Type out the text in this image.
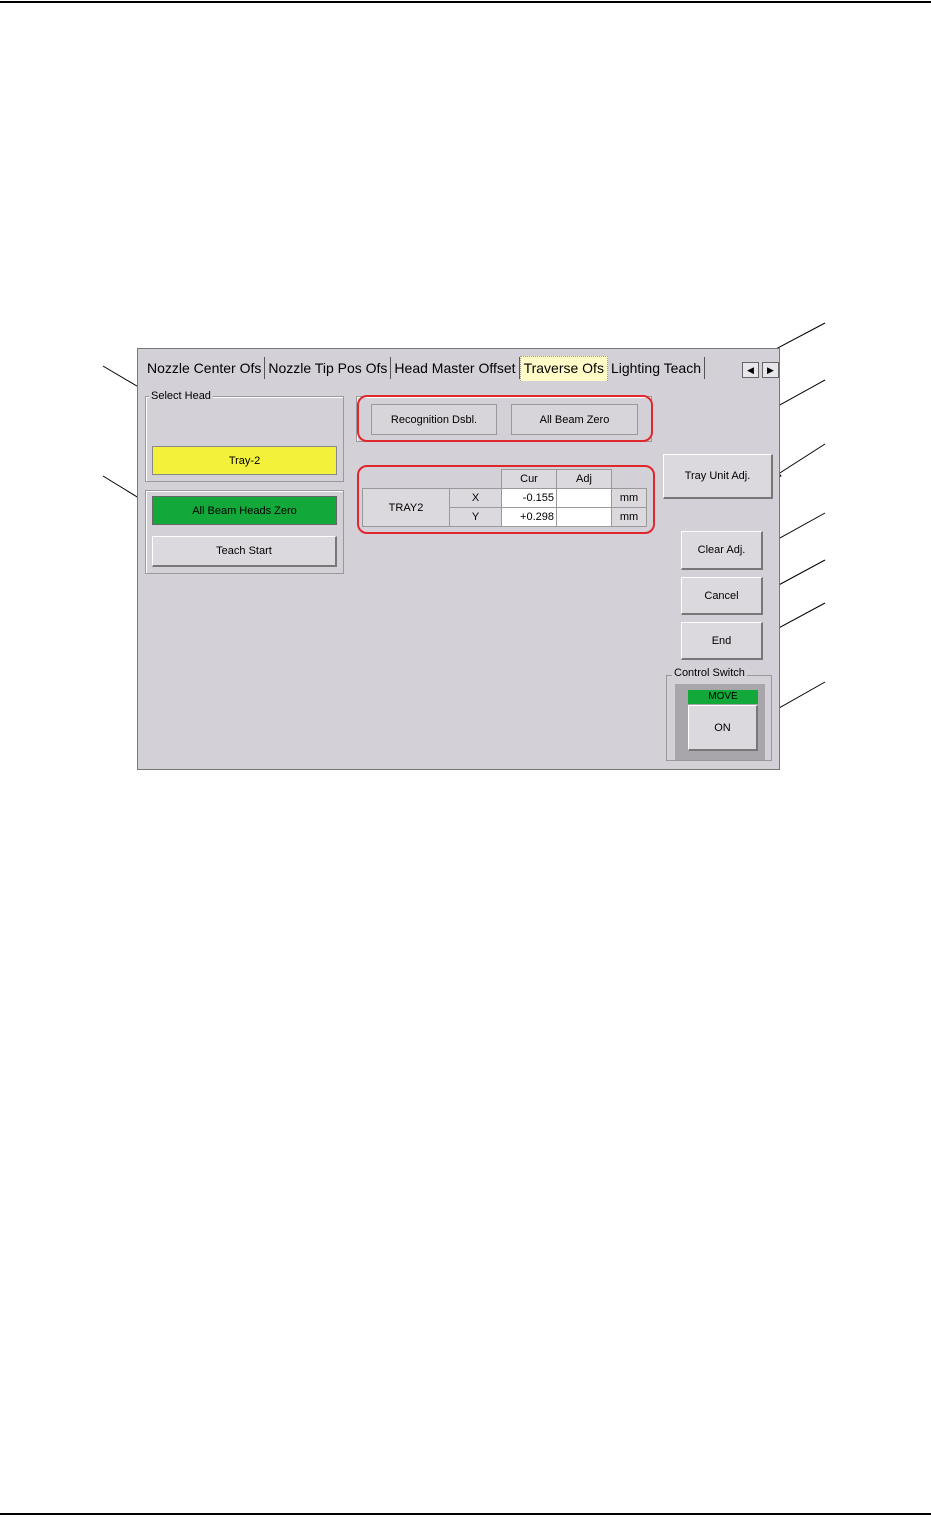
Nozzle Center Ofs Nozzle Tip Pos Ofs Head Master Offset Traverse Ofs Lighting Teach	◀	▶
Select Head
Tray-2
All Beam Heads Zero
Teach Start
Recognition Dsbl.	All Beam Zero
		Cur	Adj	
TRAY2	X	-0.155		mm
	Y	+0.298		mm
Tray Unit Adj.
Clear Adj.
Cancel
End
MOVE
ON
Control Switch
